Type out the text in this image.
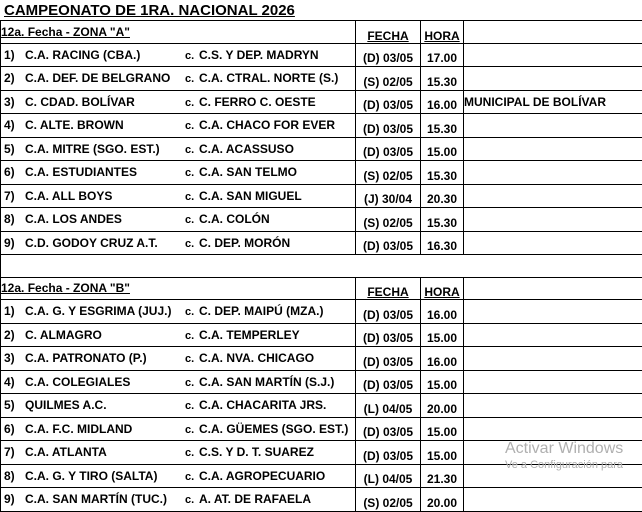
CAMPEONATO DE 1RA. NACIONAL 2026
12a. Fecha - ZONA "A"	FECHA	HORA	
1) C.A. RACING (CBA.) c. C.S. Y DEP. MADRYN	(D) 03/05	17.00	
2) C.A. DEF. DE BELGRANO c. C.A. CTRAL. NORTE (S.)	(S) 02/05	15.30	
3) C. CDAD. BOLÍVAR c. C. FERRO C. OESTE	(D) 03/05	16.00	MUNICIPAL DE BOLÍVAR
4) C. ALTE. BROWN c. C.A. CHACO FOR EVER	(D) 03/05	15.30	
5) C.A. MITRE (SGO. EST.) c. C.A. ACASSUSO	(D) 03/05	15.00	
6) C.A. ESTUDIANTES c. C.A. SAN TELMO	(S) 02/05	15.30	
7) C.A. ALL BOYS c. C.A. SAN MIGUEL	(J) 30/04	20.30	
8) C.A. LOS ANDES c. C.A. COLÓN	(S) 02/05	15.30	
9) C.D. GODOY CRUZ A.T. c. C. DEP. MORÓN	(D) 03/05	16.30	

12a. Fecha - ZONA "B"	FECHA	HORA	
1) C.A. G. Y ESGRIMA (JUJ.) c. C. DEP. MAIPÚ (MZA.)	(D) 03/05	16.00	
2) C. ALMAGRO c. C.A. TEMPERLEY	(D) 03/05	15.00	
3) C.A. PATRONATO (P.) c. C.A. NVA. CHICAGO	(D) 03/05	16.00	
4) C.A. COLEGIALES c. C.A. SAN MARTÍN (S.J.)	(D) 03/05	15.00	
5) QUILMES A.C. c. C.A. CHACARITA JRS.	(L) 04/05	20.00	
6) C.A. F.C. MIDLAND c. C.A. GÜEMES (SGO. EST.)	(D) 03/05	15.00	
7) C.A. ATLANTA c. C.S. Y D. T. SUAREZ	(D) 03/05	15.00	
8) C.A. G. Y TIRO (SALTA) c. C.A. AGROPECUARIO	(L) 04/05	21.30	
9) C.A. SAN MARTÍN (TUC.) c. A. AT. DE RAFAELA	(S) 02/05	20.00	
Activar Windows
Ve a Configuración para
